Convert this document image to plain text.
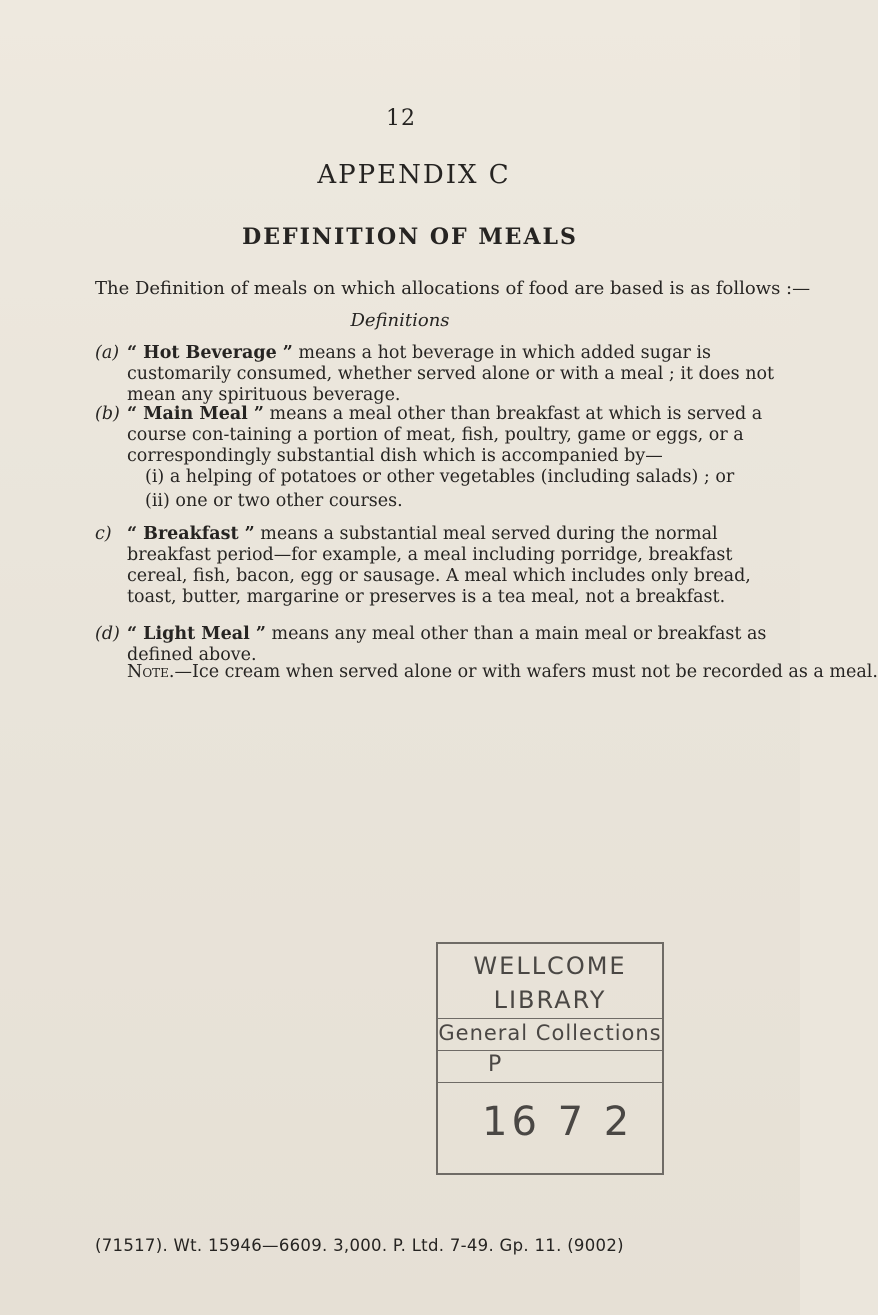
12
APPENDIX C
DEFINITION OF MEALS
The Definition of meals on which allocations of food are based is as follows :—
Definitions
(a) “ Hot Beverage ” means a hot beverage in which added sugar is customarily consumed, whether served alone or with a meal ; it does not mean any spirituous beverage.
(b) “ Main Meal ” means a meal other than breakfast at which is served a course con-taining a portion of meat, fish, poultry, game or eggs, or a correspondingly substantial dish which is accompanied by—
(i) a helping of potatoes or other vegetables (including salads) ; or
(ii) one or two other courses.
c) “ Breakfast ” means a substantial meal served during the normal breakfast period—for example, a meal including porridge, breakfast cereal, fish, bacon, egg or sausage. A meal which includes only bread, toast, butter, margarine or preserves is a tea meal, not a breakfast.
(d) “ Light Meal ” means any meal other than a main meal or breakfast as defined above.
Note.—Ice cream when served alone or with wafers must not be recorded as a meal.
WELLCOME
LIBRARY
General Collections
P
16 7 2
(71517). Wt. 15946—6609. 3,000. P. Ltd. 7-49. Gp. 11. (9002)
